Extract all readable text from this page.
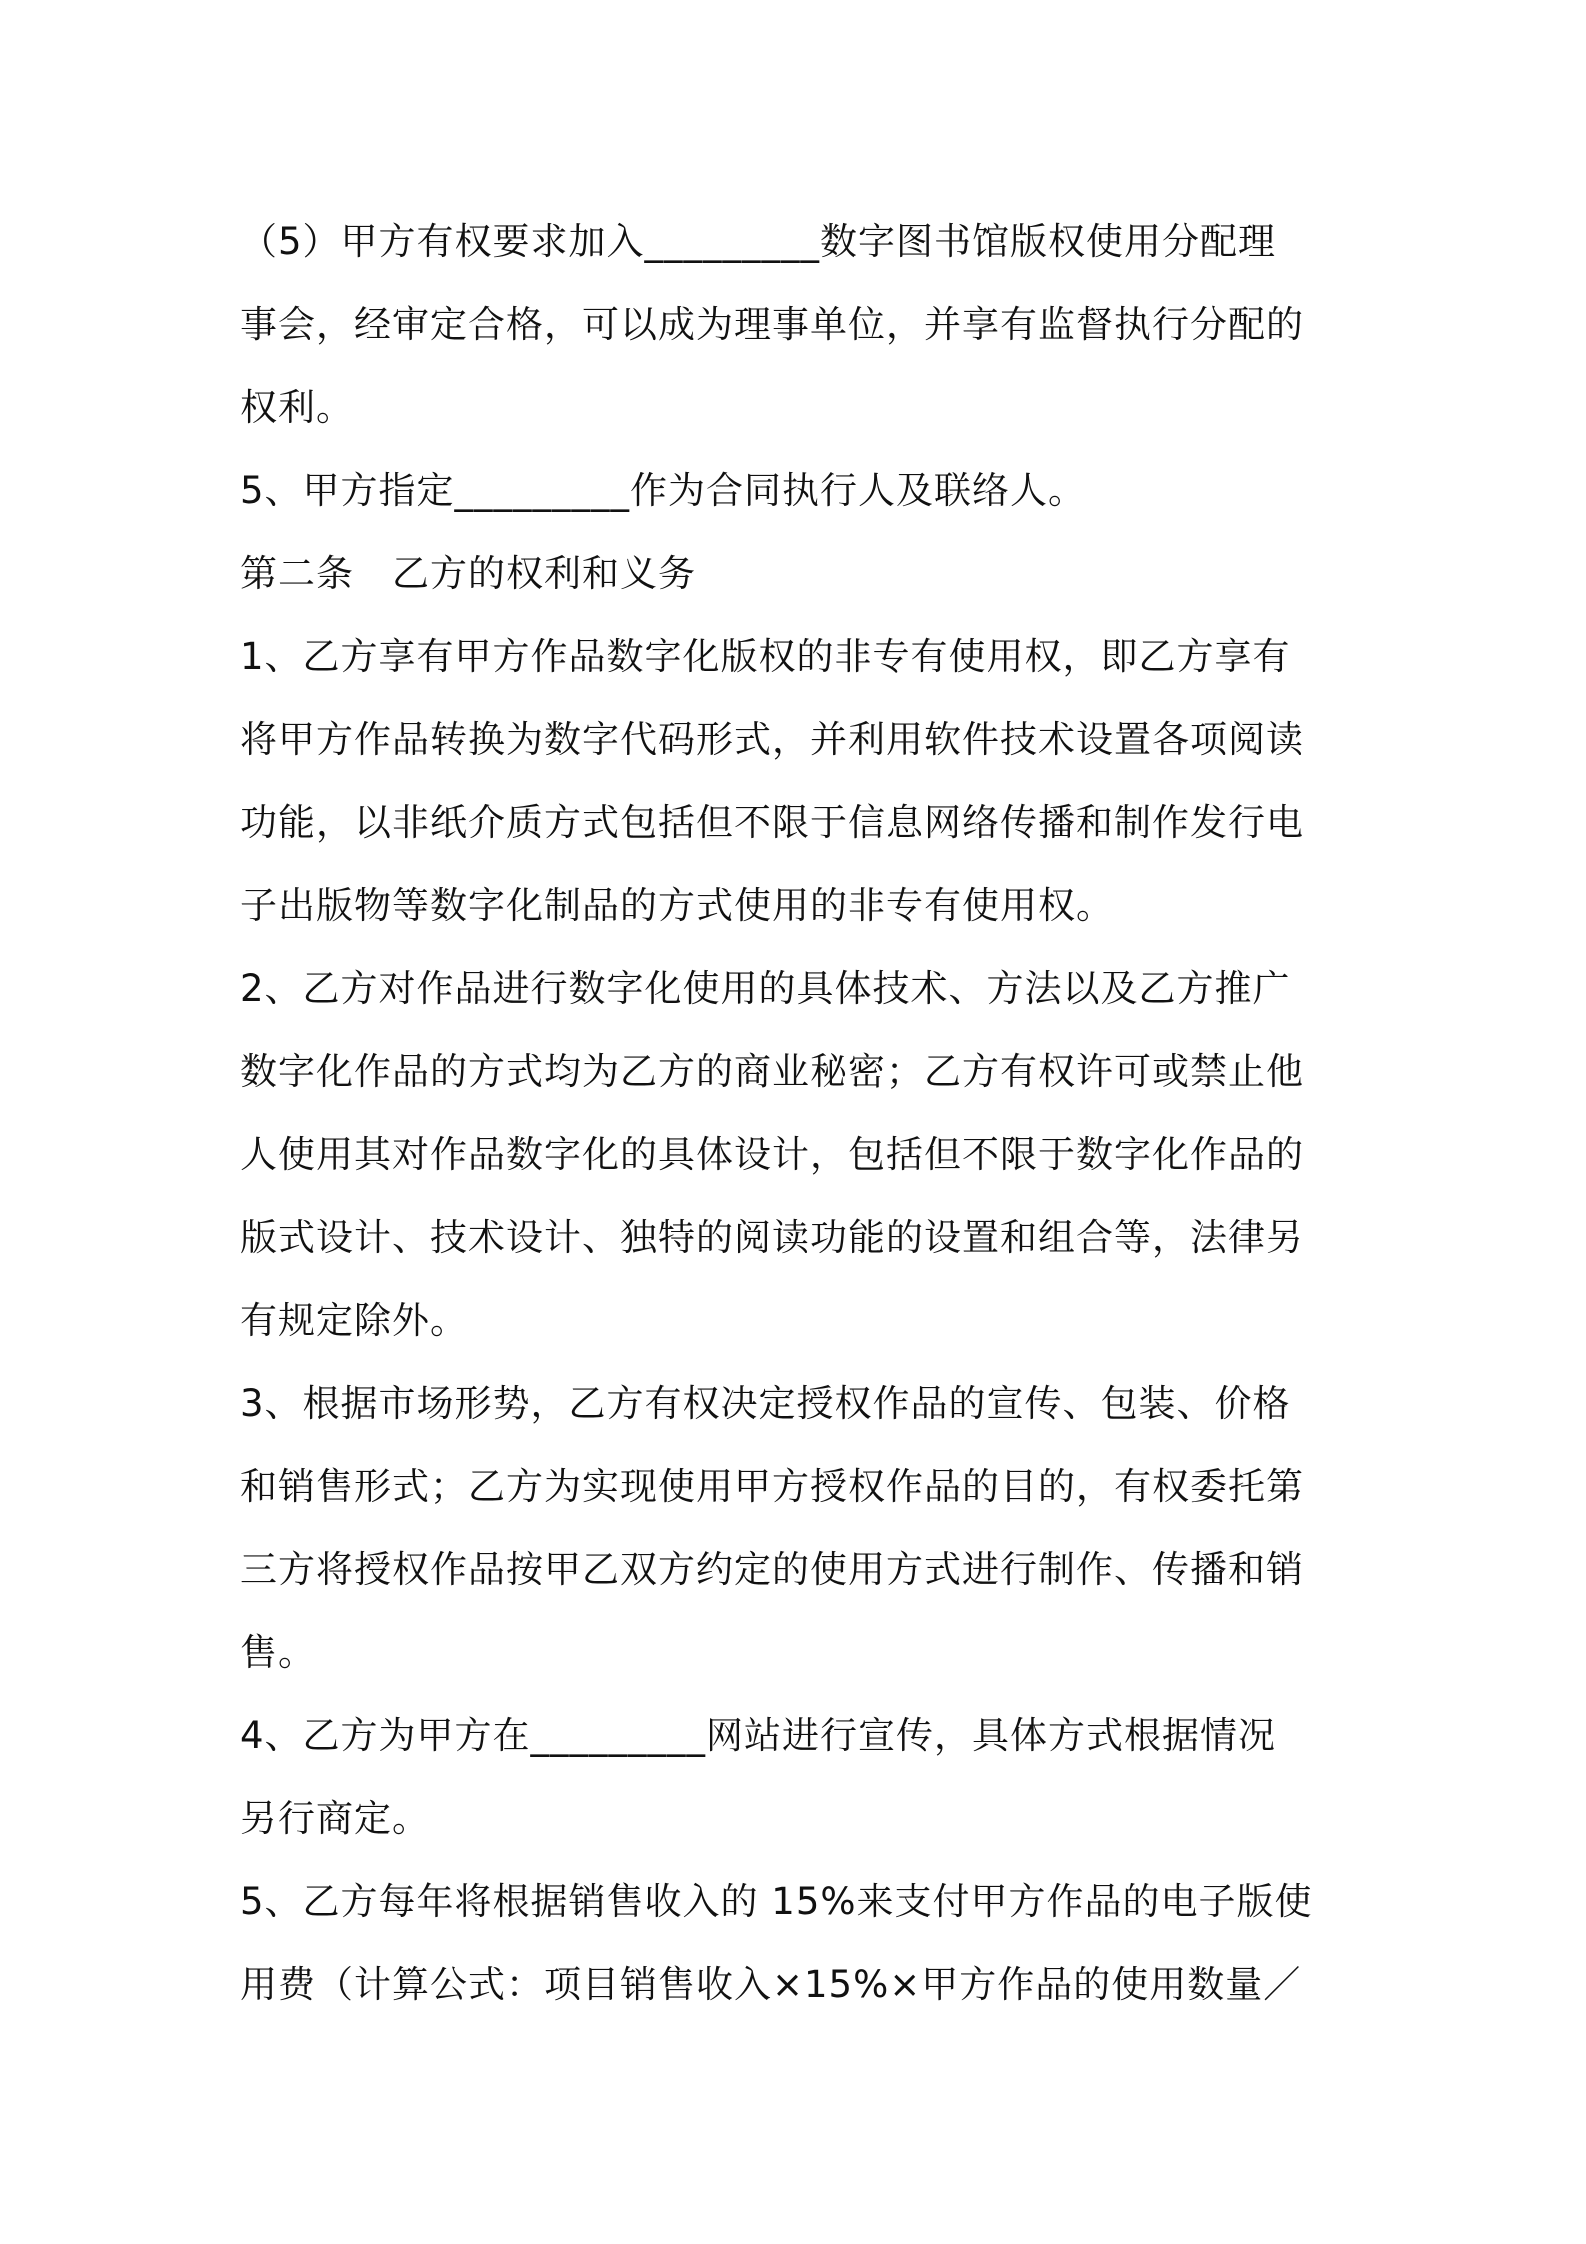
（5）甲方有权要求加入_________数字图书馆版权使用分配理
事会，经审定合格，可以成为理事单位，并享有监督执行分配的
权利。
5、甲方指定_________作为合同执行人及联络人。
第二条　乙方的权利和义务
1、乙方享有甲方作品数字化版权的非专有使用权，即乙方享有
将甲方作品转换为数字代码形式，并利用软件技术设置各项阅读
功能，以非纸介质方式包括但不限于信息网络传播和制作发行电
子出版物等数字化制品的方式使用的非专有使用权。
2、乙方对作品进行数字化使用的具体技术、方法以及乙方推广
数字化作品的方式均为乙方的商业秘密；乙方有权许可或禁止他
人使用其对作品数字化的具体设计，包括但不限于数字化作品的
版式设计、技术设计、独特的阅读功能的设置和组合等，法律另
有规定除外。
3、根据市场形势，乙方有权决定授权作品的宣传、包装、价格
和销售形式；乙方为实现使用甲方授权作品的目的，有权委托第
三方将授权作品按甲乙双方约定的使用方式进行制作、传播和销
售。
4、乙方为甲方在_________网站进行宣传，具体方式根据情况
另行商定。
5、乙方每年将根据销售收入的 15%来支付甲方作品的电子版使
用费（计算公式：项目销售收入×15%×甲方作品的使用数量／
